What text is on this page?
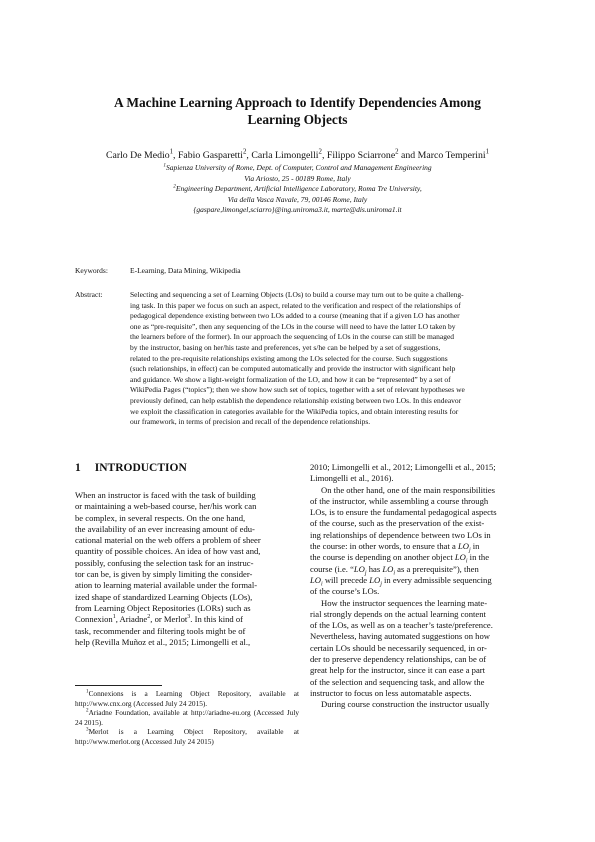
A Machine Learning Approach to Identify Dependencies Among
Learning Objects
Carlo De Medio$^1$, Fabio Gasparetti$^2$, Carla Limongelli$^2$, Filippo Sciarrone$^2$ and Marco Temperini$^1$
$^1$Sapienza University of Rome, Dept. of Computer, Control and Management Engineering
Via Ariosto, 25 - 00189 Rome, Italy
$^2$Engineering Department, Artificial Intelligence Laboratory, Roma Tre University,
Via della Vasca Navale, 79, 00146 Rome, Italy
{gaspare,limongel,sciarro}@ing.uniroma3.it, marte@dis.uniroma1.it
Keywords:	E-Learning, Data Mining, Wikipedia
Abstract:	Selecting and sequencing a set of Learning Objects (LOs) to build a course may turn out to be quite a challeng-
ing task. In this paper we focus on such an aspect, related to the verification and respect of the relationships of
pedagogical dependence existing between two LOs added to a course (meaning that if a given LO has another
one as “pre-requisite”, then any sequencing of the LOs in the course will need to have the latter LO taken by
the learners before of the former). In our approach the sequencing of LOs in the course can still be managed
by the instructor, basing on her/his taste and preferences, yet s/he can be helped by a set of suggestions,
related to the pre-requisite relationships existing among the LOs selected for the course. Such suggestions
(such relationships, in effect) can be computed automatically and provide the instructor with significant help
and guidance. We show a light-weight formalization of the LO, and how it can be “represented” by a set of
WikiPedia Pages (“topics”); then we show how such set of topics, together with a set of relevant hypotheses we
previously defined, can help establish the dependence relationship existing between two LOs. In this endeavor
we exploit the classification in categories available for the WikiPedia topics, and obtain interesting results for
our framework, in terms of precision and recall of the dependence relationships.
1 INTRODUCTION
When an instructor is faced with the task of building
or maintaining a web-based course, her/his work can
be complex, in several respects. On the one hand,
the availability of an ever increasing amount of edu-
cational material on the web offers a problem of sheer
quantity of possible choices. An idea of how vast and,
possibly, confusing the selection task for an instruc-
tor can be, is given by simply limiting the consider-
ation to learning material available under the formal-
ized shape of standardized Learning Objects (LOs),
from Learning Object Repositories (LORs) such as
Connexion$^1$, Ariadne$^2$, or Merlot$^3$. In this kind of
task, recommender and filtering tools might be of
help (Revilla Muñoz et al., 2015; Limongelli et al.,

$^1$Connexions is a Learning Object Repository, available at http://www.cnx.org (Accessed July 24 2015).

$^2$Ariadne Foundation, available at http://ariadne-eu.org (Accessed July 24 2015).

$^3$Merlot is a Learning Object Repository, available at http://www.merlot.org (Accessed July 24 2015)

2010; Limongelli et al., 2012; Limongelli et al., 2015;
Limongelli et al., 2016).
On the other hand, one of the main responsibilities
of the instructor, while assembling a course through
LOs, is to ensure the fundamental pedagogical aspects
of the course, such as the preservation of the exist-
ing relationships of dependence between two LOs in
the course: in other words, to ensure that a $LO_j$ in
the course is depending on another object $LO_i$ in the
course (i.e. “$LO_j$ has $LO_i$ as a prerequisite”), then
$LO_i$ will precede $LO_j$ in every admissible sequencing
of the course’s LOs.
How the instructor sequences the learning mate-
rial strongly depends on the actual learning content
of the LOs, as well as on a teacher’s taste/preference.
Nevertheless, having automated suggestions on how
certain LOs should be necessarily sequenced, in or-
der to preserve dependency relationships, can be of
great help for the instructor, since it can ease a part
of the selection and sequencing task, and allow the
instructor to focus on less automatable aspects.
During course construction the instructor usually
